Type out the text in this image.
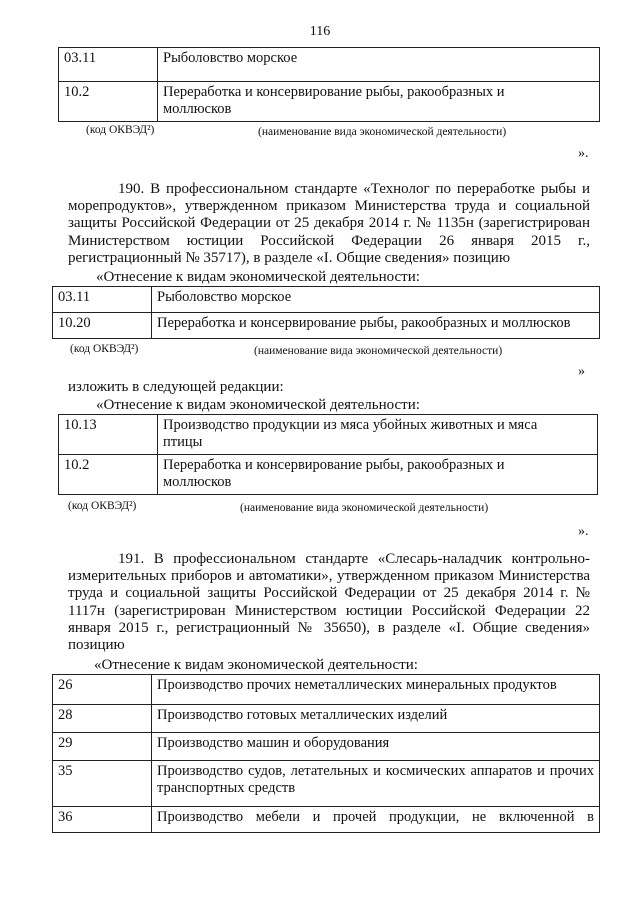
116
03.11	Рыболовство морское
10.2	Переработка и консервирование рыбы, ракообразных и моллюсков
(код ОКВЭД²)	(наименование вида экономической деятельности)
».
190. В профессиональном стандарте «Технолог по переработке рыбы и морепродуктов», утвержденном приказом Министерства труда и социальной защиты Российской Федерации от 25 декабря 2014 г. № 1135н (зарегистрирован Министерством юстиции Российской Федерации 26 января 2015 г., регистрационный № 35717), в разделе «I. Общие сведения» позицию
«Отнесение к видам экономической деятельности:
03.11	Рыболовство морское
10.20	Переработка и консервирование рыбы, ракообразных и моллюсков
(код ОКВЭД²)	(наименование вида экономической деятельности)
»
изложить в следующей редакции:
«Отнесение к видам экономической деятельности:
10.13	Производство продукции из мяса убойных животных и мяса птицы
10.2	Переработка и консервирование рыбы, ракообразных и моллюсков
(код ОКВЭД²)	(наименование вида экономической деятельности)
».
191. В профессиональном стандарте «Слесарь-наладчик контрольно-измерительных приборов и автоматики», утвержденном приказом Министерства труда и социальной защиты Российской Федерации от 25 декабря 2014 г. № 1117н (зарегистрирован Министерством юстиции Российской Федерации 22 января 2015 г., регистрационный № 35650), в разделе «I. Общие сведения» позицию
«Отнесение к видам экономической деятельности:
26	Производство прочих неметаллических минеральных продуктов
28	Производство готовых металлических изделий
29	Производство машин и оборудования
35	Производство судов, летательных и космических аппаратов и прочих транспортных средств
36	Производство мебели и прочей продукции, не включенной в
